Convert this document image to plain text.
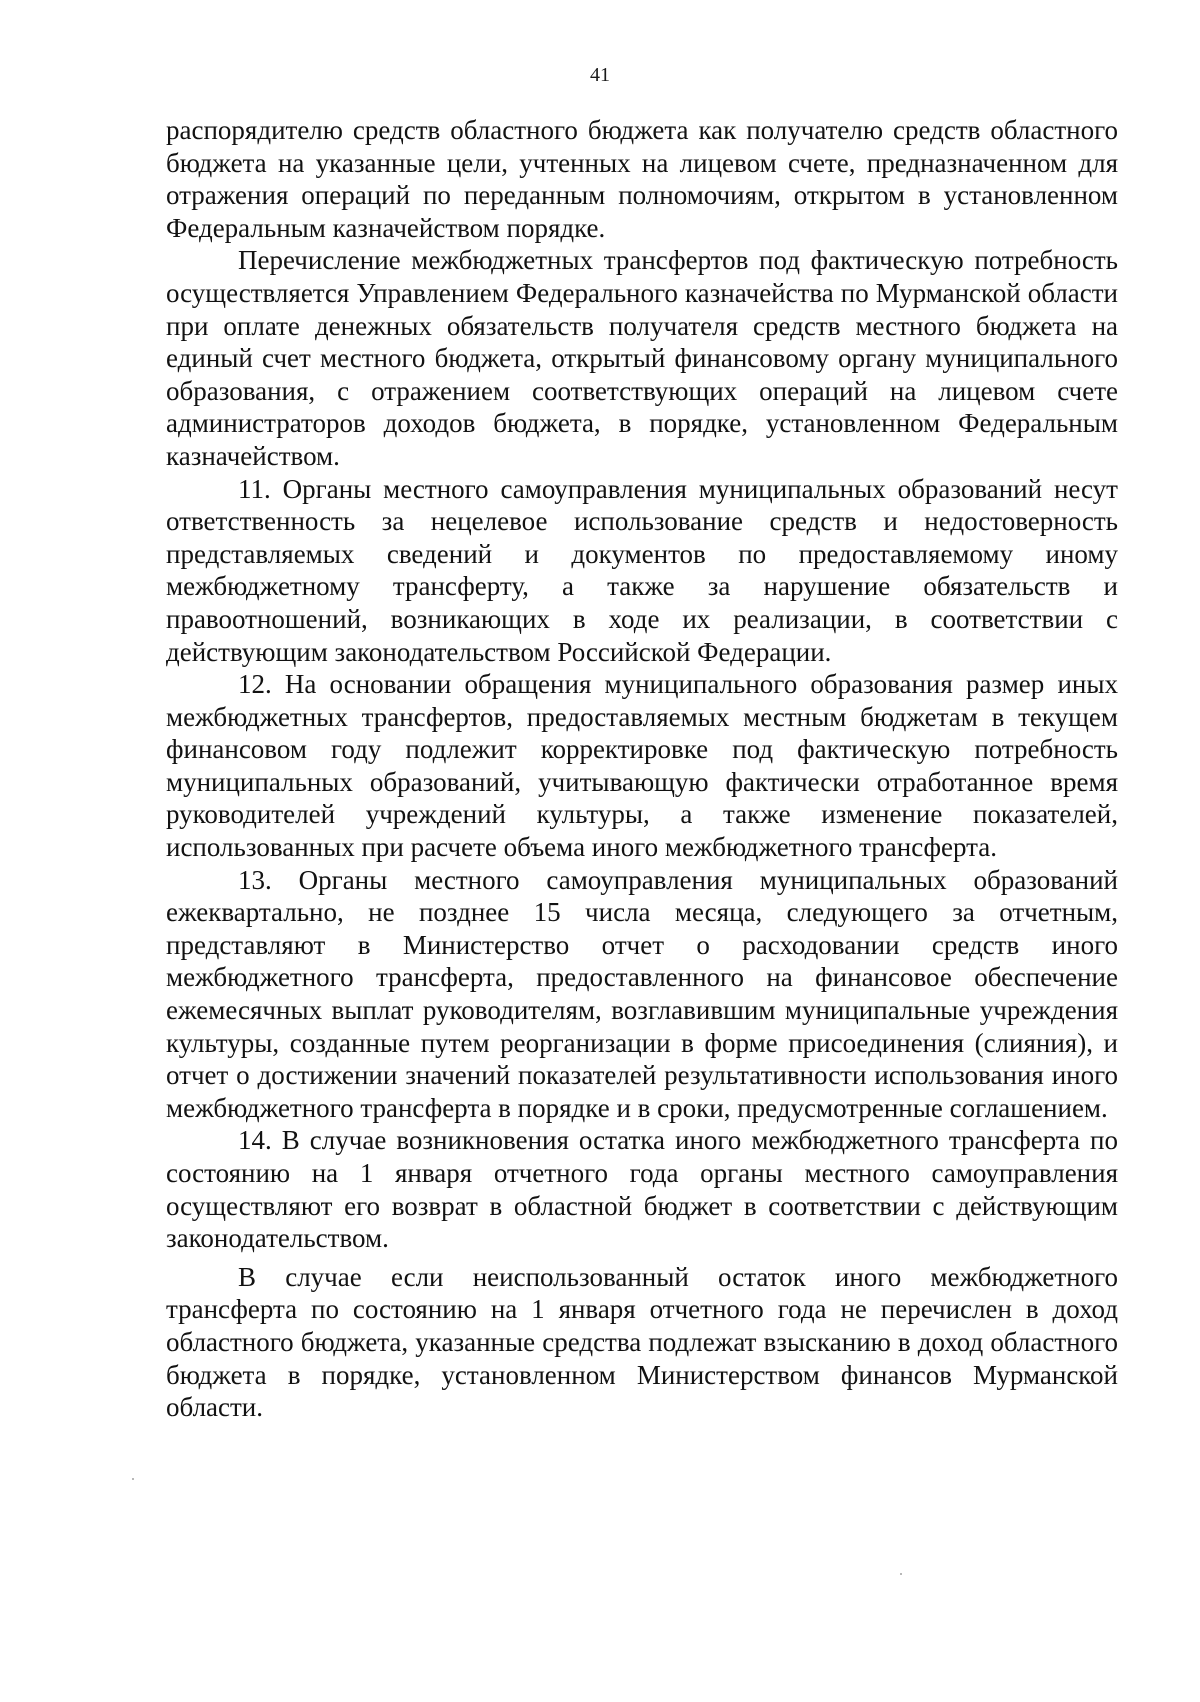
41

распорядителю средств областного бюджета как получателю средств областного бюджета на указанные цели, учтенных на лицевом счете, предназначенном для отражения операций по переданным полномочиям, открытом в установленном Федеральным казначейством порядке.

Перечисление межбюджетных трансфертов под фактическую потребность осуществляется Управлением Федерального казначейства по Мурманской области при оплате денежных обязательств получателя средств местного бюджета на единый счет местного бюджета, открытый финансовому органу муниципального образования, с отражением соответствующих операций на лицевом счете администраторов доходов бюджета, в порядке, установленном Федеральным казначейством.

11. Органы местного самоуправления муниципальных образований несут ответственность за нецелевое использование средств и недостоверность представляемых сведений и документов по предоставляемому иному межбюджетному трансферту, а также за нарушение обязательств и правоотношений, возникающих в ходе их реализации, в соответствии с действующим законодательством Российской Федерации.

12. На основании обращения муниципального образования размер иных межбюджетных трансфертов, предоставляемых местным бюджетам в текущем финансовом году подлежит корректировке под фактическую потребность муниципальных образований, учитывающую фактически отработанное время руководителей учреждений культуры, а также изменение показателей, использованных при расчете объема иного межбюджетного трансферта.

13. Органы местного самоуправления муниципальных образований ежеквартально, не позднее 15 числа месяца, следующего за отчетным, представляют в Министерство отчет о расходовании средств иного межбюджетного трансферта, предоставленного на финансовое обеспечение ежемесячных выплат руководителям, возглавившим муниципальные учреждения культуры, созданные путем реорганизации в форме присоединения (слияния), и отчет о достижении значений показателей результативности использования иного межбюджетного трансферта в порядке и в сроки, предусмотренные соглашением.

14. В случае возникновения остатка иного межбюджетного трансферта по состоянию на 1 января отчетного года органы местного самоуправления осуществляют его возврат в областной бюджет в соответствии с действующим законодательством.

В случае если неиспользованный остаток иного межбюджетного трансферта по состоянию на 1 января отчетного года не перечислен в доход областного бюджета, указанные средства подлежат взысканию в доход областного бюджета в порядке, установленном Министерством финансов Мурманской области.
